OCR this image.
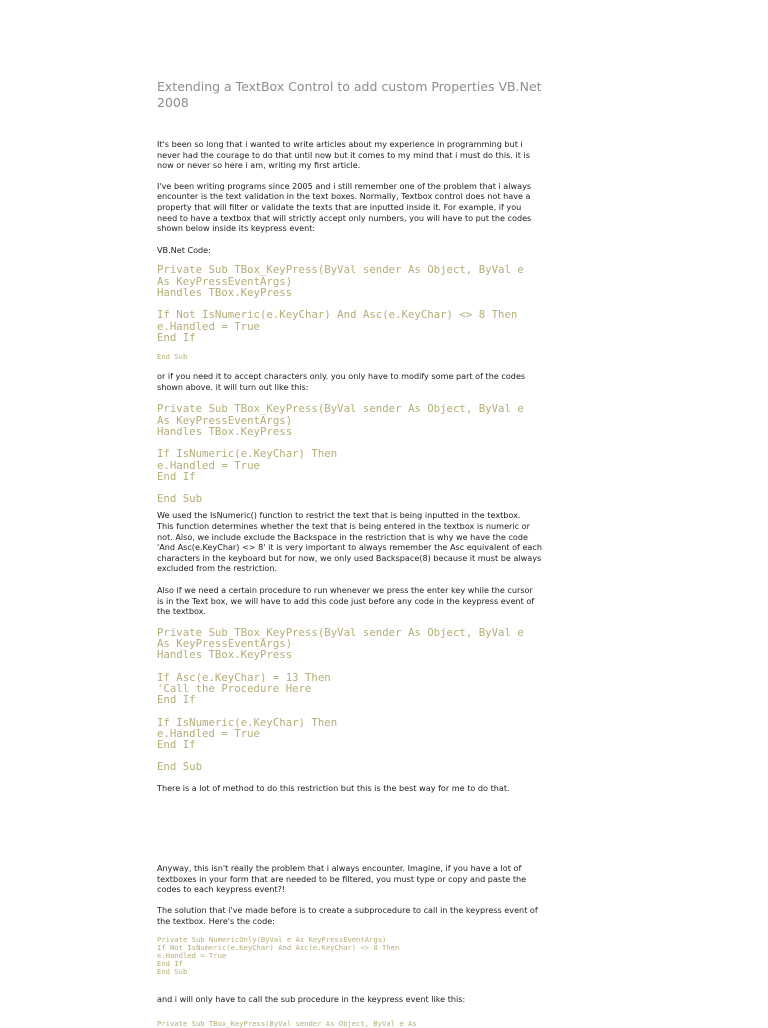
Extending a TextBox Control to add custom Properties VB.Net 2008

It's been so long that i wanted to write articles about my experience in programming but i
never had the courage to do that until now but it comes to my mind that i must do this. it is
now or never so here i am, writing my first article.

I've been writing programs since 2005 and i still remember one of the problem that i always
encounter is the text validation in the text boxes. Normally, Textbox control does not have a
property that will filter or validate the texts that are inputted inside it. For example, if you
need to have a textbox that will strictly accept only numbers, you will have to put the codes
shown below inside its keypress event:

VB.Net Code:

Private Sub TBox_KeyPress(ByVal sender As Object, ByVal e
As KeyPressEventArgs)
Handles TBox.KeyPress
If Not IsNumeric(e.KeyChar) And Asc(e.KeyChar) <> 8 Then
e.Handled = True
End If
End Sub

or if you need it to accept characters only. you only have to modify some part of the codes
shown above. it will turn out like this:

Private Sub TBox_KeyPress(ByVal sender As Object, ByVal e
As KeyPressEventArgs)
Handles TBox.KeyPress
If IsNumeric(e.KeyChar) Then
e.Handled = True
End If
End Sub

We used the IsNumeric() function to restrict the text that is being inputted in the textbox.
This function determines whether the text that is being entered in the textbox is numeric or
not. Also, we include exclude the Backspace in the restriction that is why we have the code
'And Asc(e.KeyChar) <> 8' it is very important to always remember the Asc equivalent of each
characters in the keyboard but for now, we only used Backspace(8) because it must be always
excluded from the restriction.

Also if we need a certain procedure to run whenever we press the enter key while the cursor
is in the Text box, we will have to add this code just before any code in the keypress event of
the textbox.

Private Sub TBox_KeyPress(ByVal sender As Object, ByVal e
As KeyPressEventArgs)
Handles TBox.KeyPress
If Asc(e.KeyChar) = 13 Then
'Call the Procedure Here
End If
If IsNumeric(e.KeyChar) Then
e.Handled = True
End If
End Sub

There is a lot of method to do this restriction but this is the best way for me to do that.

Anyway, this isn't really the problem that i always encounter. Imagine, if you have a lot of
textboxes in your form that are needed to be filtered, you must type or copy and paste the
codes to each keypress event?!

The solution that i've made before is to create a subprocedure to call in the keypress event of
the textbox. Here's the code:

Private Sub NumericOnly(ByVal e As KeyPressEventArgs)
If Not IsNumeric(e.KeyChar) And Asc(e.KeyChar) <> 8 Then
e.Handled = True
End If
End Sub

and i will only have to call the sub procedure in the keypress event like this:

Private Sub TBox_KeyPress(ByVal sender As Object, ByVal e As
